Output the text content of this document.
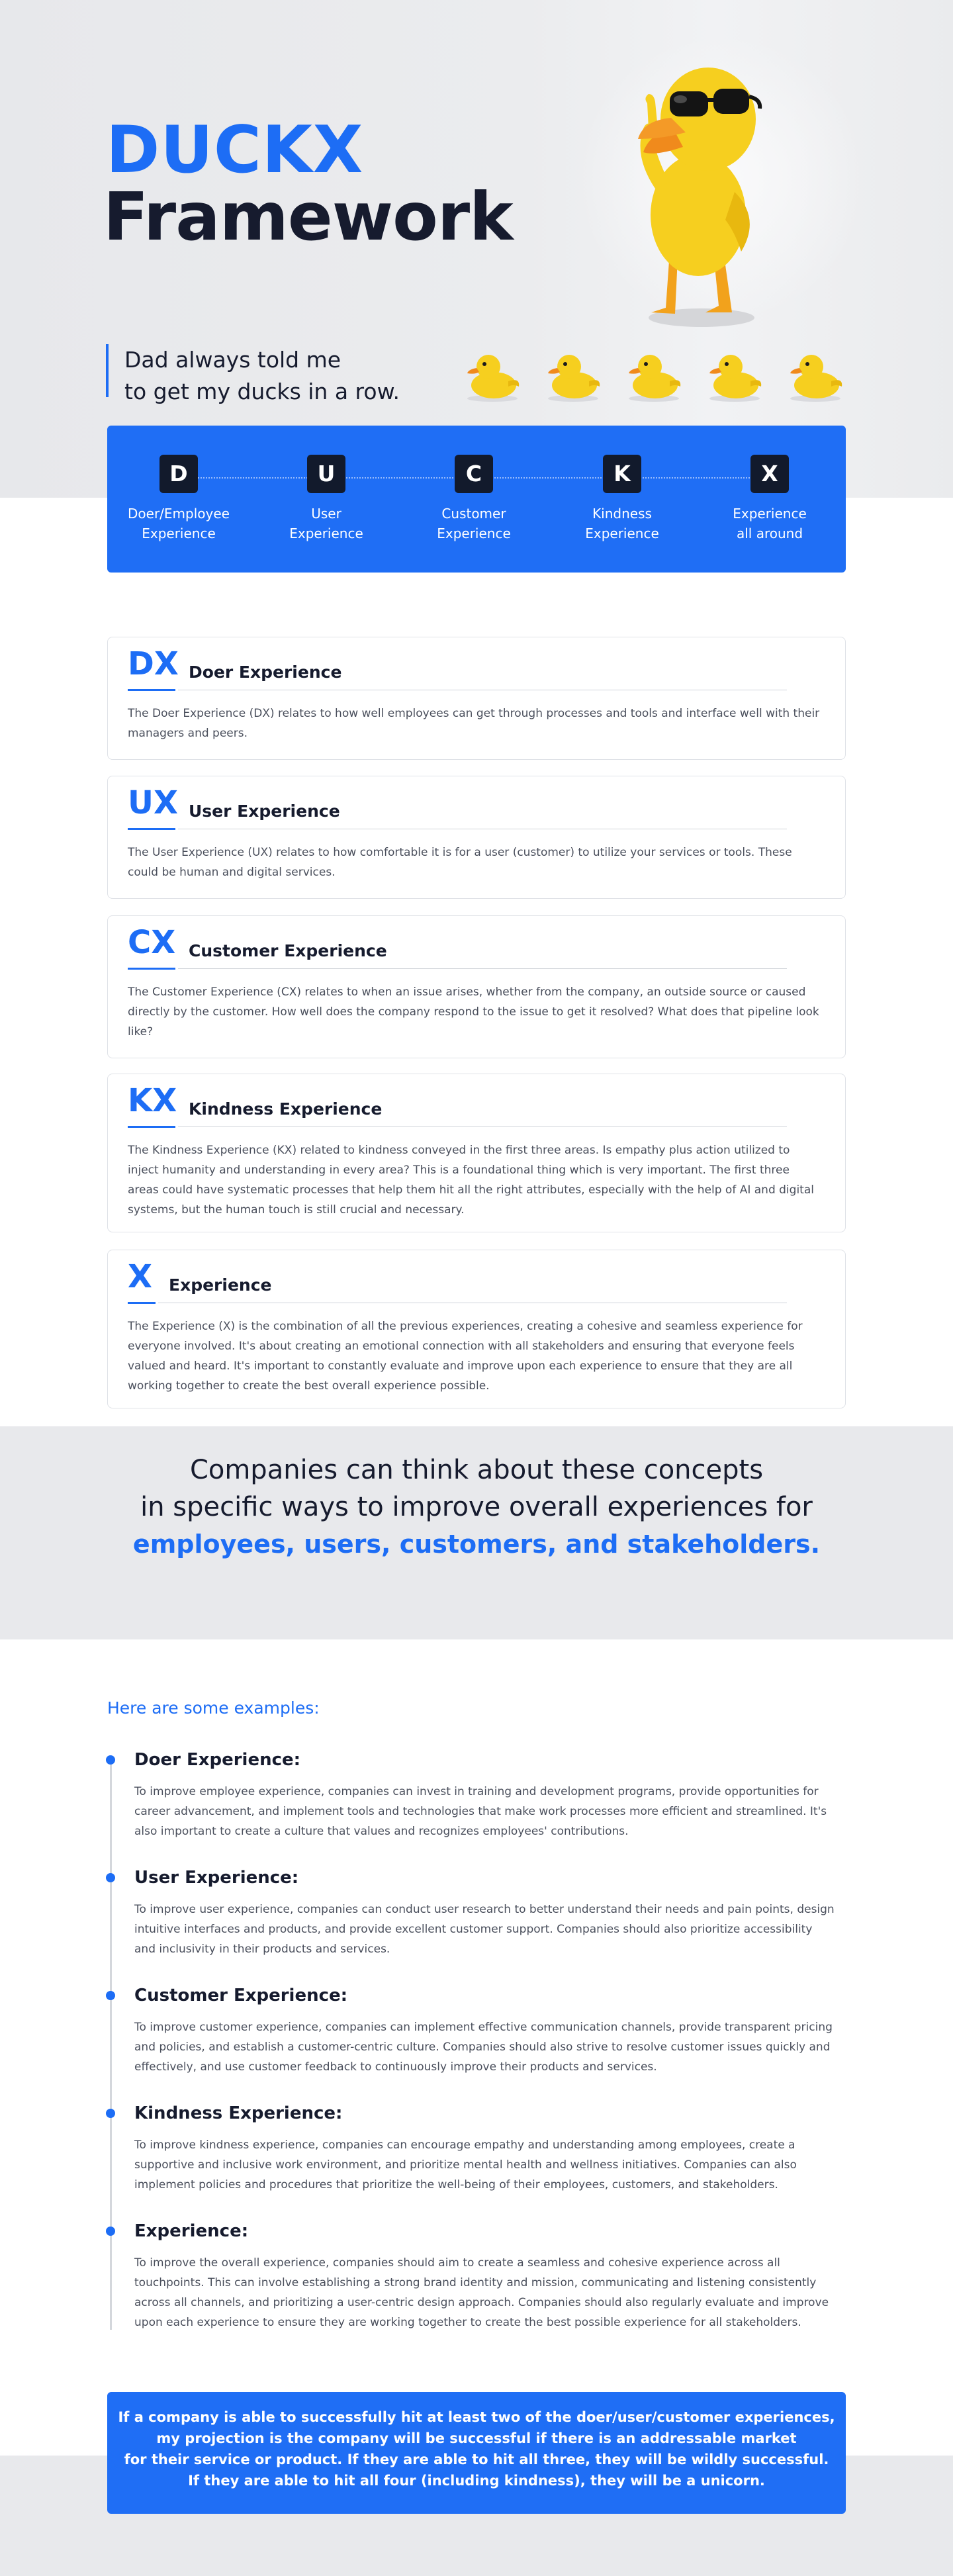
DUCKX
Framework
Dad always told me
to get my ducks in a row.
D
Doer/Employee
Experience
U
User
Experience
C
Customer
Experience
K
Kindness
Experience
X
Experience
all around
DX Doer Experience
The Doer Experience (DX) relates to how well employees can get through processes and tools and interface well with their managers and peers.
UX User Experience
The User Experience (UX) relates to how comfortable it is for a user (customer) to utilize your services or tools. These could be human and digital services.
CX Customer Experience
The Customer Experience (CX) relates to when an issue arises, whether from the company, an outside source or caused directly by the customer. How well does the company respond to the issue to get it resolved? What does that pipeline look like?
KX Kindness Experience
The Kindness Experience (KX) related to kindness conveyed in the first three areas. Is empathy plus action utilized to inject humanity and understanding in every area? This is a foundational thing which is very important. The first three areas could have systematic processes that help them hit all the right attributes, especially with the help of AI and digital systems, but the human touch is still crucial and necessary.
X Experience
The Experience (X) is the combination of all the previous experiences, creating a cohesive and seamless experience for everyone involved. It's about creating an emotional connection with all stakeholders and ensuring that everyone feels valued and heard. It's important to constantly evaluate and improve upon each experience to ensure that they are all working together to create the best overall experience possible.
Companies can think about these concepts
in specific ways to improve overall experiences for
employees, users, customers, and stakeholders.
Here are some examples:
Doer Experience:
To improve employee experience, companies can invest in training and development programs, provide opportunities for career advancement, and implement tools and technologies that make work processes more efficient and streamlined. It's also important to create a culture that values and recognizes employees' contributions.
User Experience:
To improve user experience, companies can conduct user research to better understand their needs and pain points, design intuitive interfaces and products, and provide excellent customer support. Companies should also prioritize accessibility and inclusivity in their products and services.
Customer Experience:
To improve customer experience, companies can implement effective communication channels, provide transparent pricing and policies, and establish a customer-centric culture. Companies should also strive to resolve customer issues quickly and effectively, and use customer feedback to continuously improve their products and services.
Kindness Experience:
To improve kindness experience, companies can encourage empathy and understanding among employees, create a supportive and inclusive work environment, and prioritize mental health and wellness initiatives. Companies can also implement policies and procedures that prioritize the well-being of their employees, customers, and stakeholders.
Experience:
To improve the overall experience, companies should aim to create a seamless and cohesive experience across all touchpoints. This can involve establishing a strong brand identity and mission, communicating and listening consistently across all channels, and prioritizing a user-centric design approach. Companies should also regularly evaluate and improve upon each experience to ensure they are working together to create the best possible experience for all stakeholders.
If a company is able to successfully hit at least two of the doer/user/customer experiences,
my projection is the company will be successful if there is an addressable market
for their service or product. If they are able to hit all three, they will be wildly successful.
If they are able to hit all four (including kindness), they will be a unicorn.
